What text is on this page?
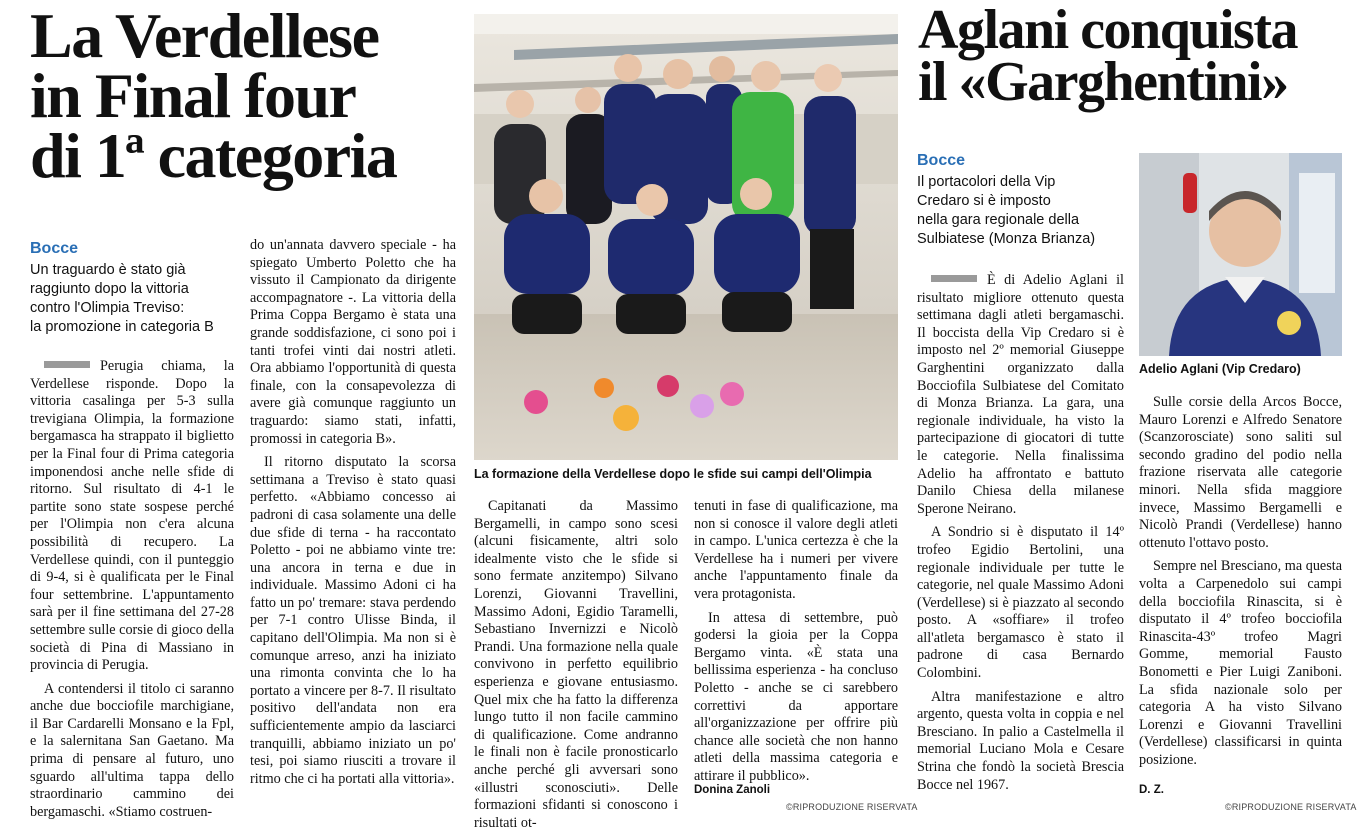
La Verdellese
in Final four
di 1ª categoria
Bocce
Un traguardo è stato già
raggiunto dopo la vittoria
contro l'Olimpia Treviso:
la promozione in categoria B

Perugia chiama, la Verdellese risponde. Dopo la vittoria casalinga per 5-3 sulla trevigiana Olimpia, la formazione bergamasca ha strappato il biglietto per la Final four di Prima categoria imponendosi anche nelle sfide di ritorno. Sul risultato di 4-1 le partite sono state sospese perché per l'Olimpia non c'era alcuna possibilità di recupero. La Verdellese quindi, con il punteggio di 9-4, si è qualificata per le Final four settembrine. L'appuntamento sarà per il fine settimana del 27-28 settembre sulle corsie di gioco della società di Pina di Massiano in provincia di Perugia.

A contendersi il titolo ci saranno anche due bocciofile marchigiane, il Bar Cardarelli Monsano e la Fpl, e la salernitana San Gaetano. Ma prima di pensare al futuro, uno sguardo all'ultima tappa dello straordinario cammino dei bergamaschi. «Stiamo costruen-

do un'annata davvero speciale - ha spiegato Umberto Poletto che ha vissuto il Campionato da dirigente accompagnatore -. La vittoria della Prima Coppa Bergamo è stata una grande soddisfazione, ci sono poi i tanti trofei vinti dai nostri atleti. Ora abbiamo l'opportunità di questa finale, con la consapevolezza di avere già comunque raggiunto un traguardo: siamo stati, infatti, promossi in categoria B».

Il ritorno disputato la scorsa settimana a Treviso è stato quasi perfetto. «Abbiamo concesso ai padroni di casa solamente una delle due sfide di terna - ha raccontato Poletto - poi ne abbiamo vinte tre: una ancora in terna e due in individuale. Massimo Adoni ci ha fatto un po' tremare: stava perdendo per 7-1 contro Ulisse Binda, il capitano dell'Olimpia. Ma non si è comunque arreso, anzi ha iniziato una rimonta convinta che lo ha portato a vincere per 8-7. Il risultato positivo dell'andata non era sufficientemente ampio da lasciarci tranquilli, abbiamo iniziato un po' tesi, poi siamo riusciti a trovare il ritmo che ci ha portati alla vittoria».

La formazione della Verdellese dopo le sfide sui campi dell'Olimpia

Capitanati da Massimo Bergamelli, in campo sono scesi (alcuni fisicamente, altri solo idealmente visto che le sfide si sono fermate anzitempo) Silvano Lorenzi, Giovanni Travellini, Massimo Adoni, Egidio Taramelli, Sebastiano Invernizzi e Nicolò Prandi. Una formazione nella quale convivono in perfetto equilibrio esperienza e giovane entusiasmo. Quel mix che ha fatto la differenza lungo tutto il non facile cammino di qualificazione. Come andranno le finali non è facile pronosticarlo anche perché gli avversari sono «illustri sconosciuti». Delle formazioni sfidanti si conoscono i risultati ot-

tenuti in fase di qualificazione, ma non si conosce il valore degli atleti in campo. L'unica certezza è che la Verdellese ha i numeri per vivere anche l'appuntamento finale da vera protagonista.

In attesa di settembre, può godersi la gioia per la Coppa Bergamo vinta. «È stata una bellissima esperienza - ha concluso Poletto - anche se ci sarebbero correttivi da apportare all'organizzazione per offrire più chance alle società che non hanno atleti della massima categoria e attirare il pubblico».

Donina Zanoli
©RIPRODUZIONE RISERVATA
Aglani conquista
il «Garghentini»
Bocce
Il portacolori della Vip
Credaro si è imposto
nella gara regionale della
Sulbiatese (Monza Brianza)

È di Adelio Aglani il risultato migliore ottenuto questa settimana dagli atleti bergamaschi. Il boccista della Vip Credaro si è imposto nel 2º memorial Giuseppe Garghentini organizzato dalla Bocciofila Sulbiatese del Comitato di Monza Brianza. La gara, una regionale individuale, ha visto la partecipazione di giocatori di tutte le categorie. Nella finalissima Adelio ha affrontato e battuto Danilo Chiesa della milanese Sperone Neirano.

A Sondrio si è disputato il 14º trofeo Egidio Bertolini, una regionale individuale per tutte le categorie, nel quale Massimo Adoni (Verdellese) si è piazzato al secondo posto. A «soffiare» il trofeo all'atleta bergamasco è stato il padrone di casa Bernardo Colombini.

Altra manifestazione e altro argento, questa volta in coppia e nel Bresciano. In palio a Castelmella il memorial Luciano Mola e Cesare Strina che fondò la società Brescia Bocce nel 1967.

Adelio Aglani (Vip Credaro)

Sulle corsie della Arcos Bocce, Mauro Lorenzi e Alfredo Senatore (Scanzorosciate) sono saliti sul secondo gradino del podio nella frazione riservata alle categorie minori. Nella sfida maggiore invece, Massimo Bergamelli e Nicolò Prandi (Verdellese) hanno ottenuto l'ottavo posto.

Sempre nel Bresciano, ma questa volta a Carpenedolo sui campi della bocciofila Rinascita, si è disputato il 4º trofeo bocciofila Rinascita-43º trofeo Magri Gomme, memorial Fausto Bonometti e Pier Luigi Zaniboni. La sfida nazionale solo per categoria A ha visto Silvano Lorenzi e Giovanni Travellini (Verdellese) classificarsi in quinta posizione.

D. Z.
©RIPRODUZIONE RISERVATA
